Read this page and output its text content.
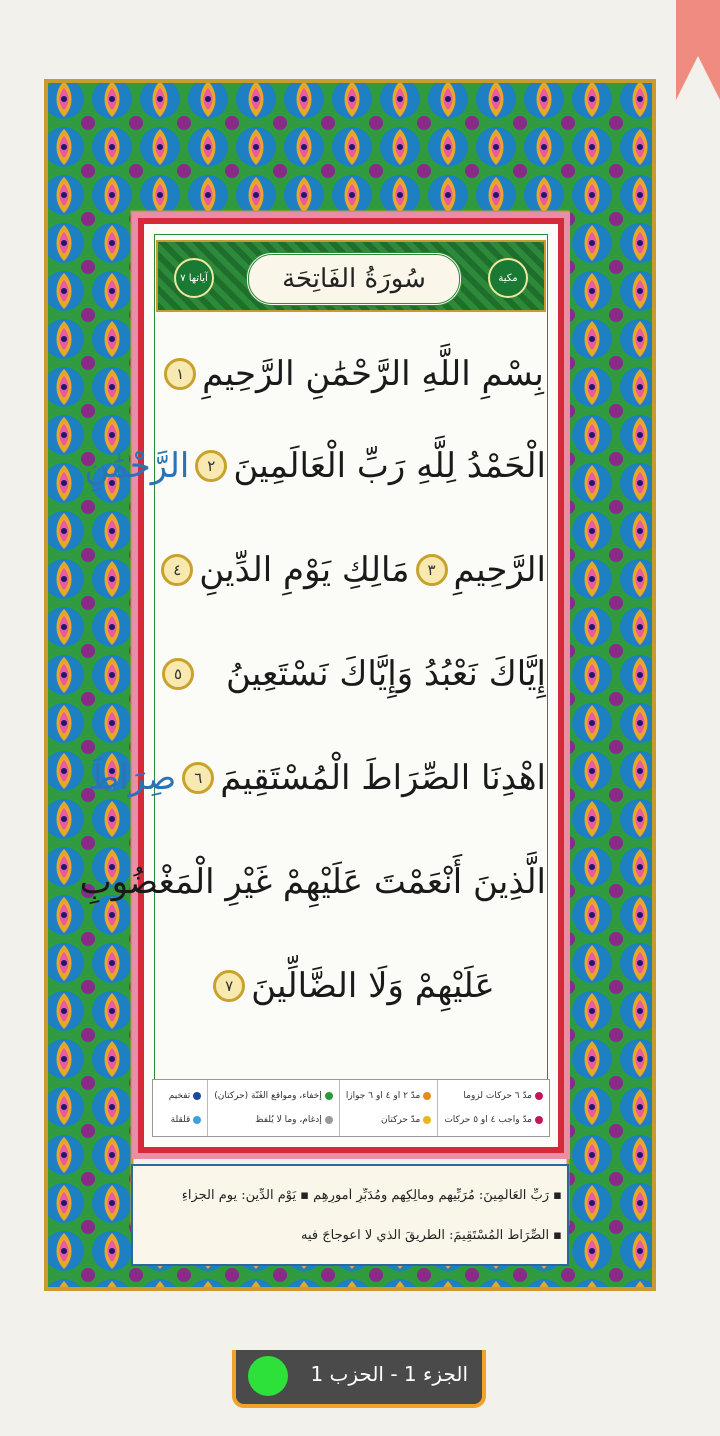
مكية
سُورَةُ الفَاتِحَة
آياتها ٧
بِسْمِ اللَّهِ الرَّحْمَٰنِ الرَّحِيمِ
١
الْحَمْدُ لِلَّهِ رَبِّ الْعَالَمِينَ
٢
الرَّحْمَٰنِ
الرَّحِيمِ
٣
مَالِكِ يَوْمِ الدِّينِ
٤
إِيَّاكَ نَعْبُدُ وَإِيَّاكَ نَسْتَعِينُ
٥
اهْدِنَا الصِّرَاطَ الْمُسْتَقِيمَ
٦
صِرَاطَ
الَّذِينَ أَنْعَمْتَ عَلَيْهِمْ غَيْرِ الْمَغْضُوبِ
عَلَيْهِمْ وَلَا الضَّالِّينَ
٧
مدّ ٦ حركات لزوماً
مدّ واجب ٤ أو ٥ حركات
مدّ ٢ أو ٤ أو ٦ جوازاً
مدّ حركتان
إخفاء، ومواقع الغُنّة (حركتان)
إدغام، وما لا يُلفظ
تفخيم
قلقلة
▪ رَبِّ الْعَالَمِينَ: مُرَبِّيهِم ومالِكِهِم ومُدَبِّرِ أُمورِهِم ▪ يَوْمِ الدِّينِ: يومِ الجزاءِ
▪ الصِّرَاطَ الْمُسْتَقِيمَ: الطريقَ الذي لا اعوجاجَ فيه
الجزء 1 - الحزب 1
